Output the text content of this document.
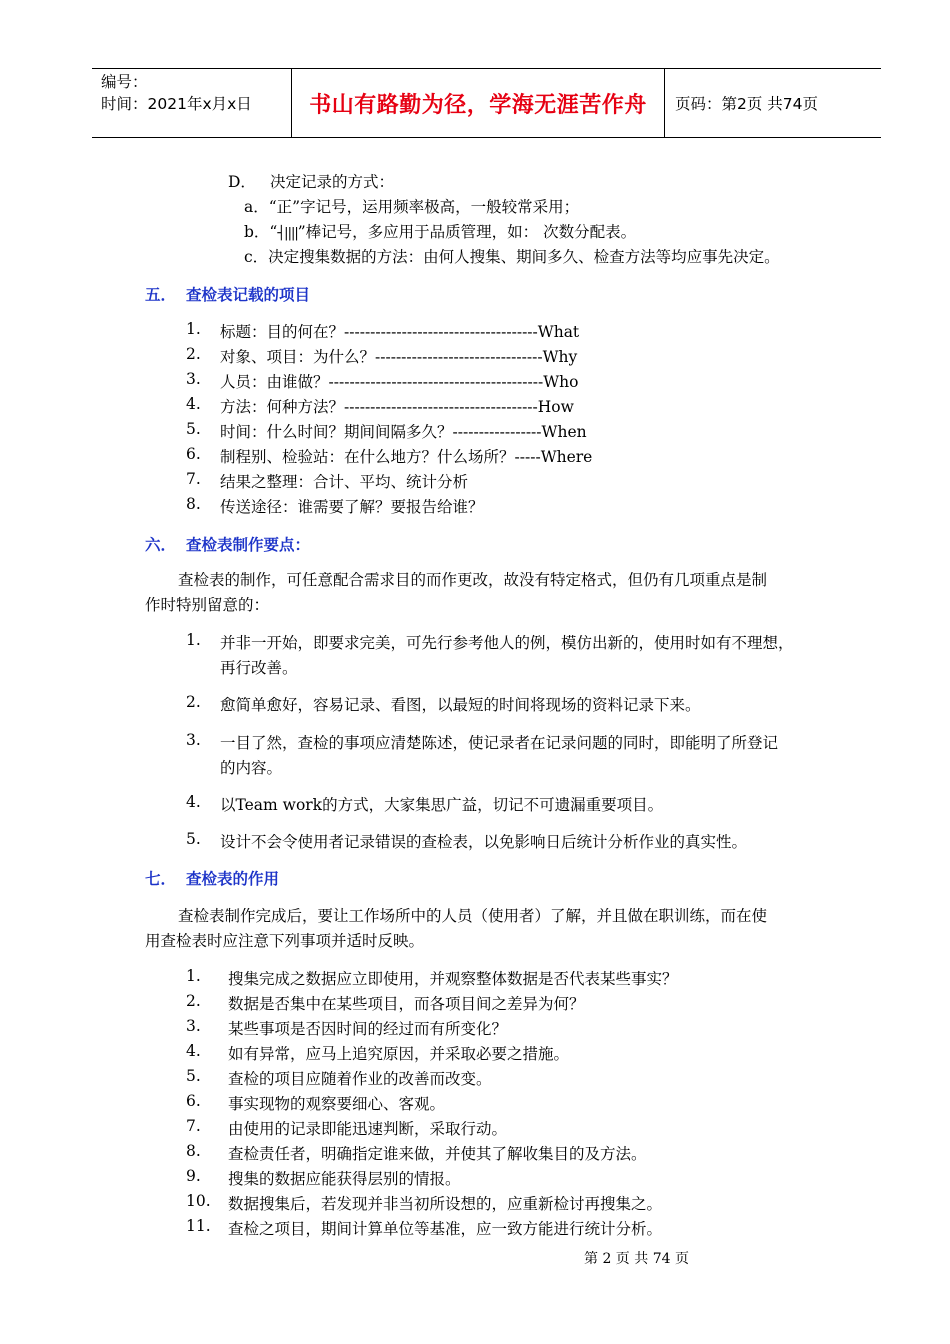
编号：
时间：2021年x月x日	书山有路勤为径，学海无涯苦作舟	页码：第2页 共74页
D． 决定记录的方式：
a．“正”字记号，运用频率极高，一般较常采用；
b．“┤||||”棒记号，多应用于品质管理，如： 次数分配表。
c．决定搜集数据的方法：由何人搜集、期间多久、检查方法等均应事先决定。
五． 查检表记载的项目
1. 标题：目的何在？-------------------------------------What
2. 对象、项目：为什么？--------------------------------Why
3. 人员：由谁做？-----------------------------------------Who
4. 方法：何种方法？-------------------------------------How
5. 时间：什么时间？期间间隔多久？-----------------When
6. 制程别、检验站：在什么地方？什么场所？-----Where
7. 结果之整理：合计、平均、统计分析
8. 传送途径：谁需要了解？要报告给谁？
六． 查检表制作要点：
查检表的制作，可任意配合需求目的而作更改，故没有特定格式，但仍有几项重点是制
作时特别留意的：
1. 并非一开始，即要求完美，可先行参考他人的例，模仿出新的，使用时如有不理想，
再行改善。
2. 愈简单愈好，容易记录、看图，以最短的时间将现场的资料记录下来。
3. 一目了然，查检的事项应清楚陈述，使记录者在记录问题的同时，即能明了所登记
的内容。
4. 以Team work的方式，大家集思广益，切记不可遗漏重要项目。
5. 设计不会令使用者记录错误的查检表，以免影响日后统计分析作业的真实性。
七． 查检表的作用
查检表制作完成后，要让工作场所中的人员（使用者）了解，并且做在职训练，而在使
用查检表时应注意下列事项并适时反映。
1. 搜集完成之数据应立即使用，并观察整体数据是否代表某些事实？
2. 数据是否集中在某些项目，而各项目间之差异为何？
3. 某些事项是否因时间的经过而有所变化？
4. 如有异常，应马上追究原因，并采取必要之措施。
5. 查检的项目应随着作业的改善而改变。
6. 事实现物的观察要细心、客观。
7. 由使用的记录即能迅速判断，采取行动。
8. 查检责任者，明确指定谁来做，并使其了解收集目的及方法。
9. 搜集的数据应能获得层别的情报。
10. 数据搜集后，若发现并非当初所设想的，应重新检讨再搜集之。
11. 查检之项目，期间计算单位等基准，应一致方能进行统计分析。
第 2 页 共 74 页
